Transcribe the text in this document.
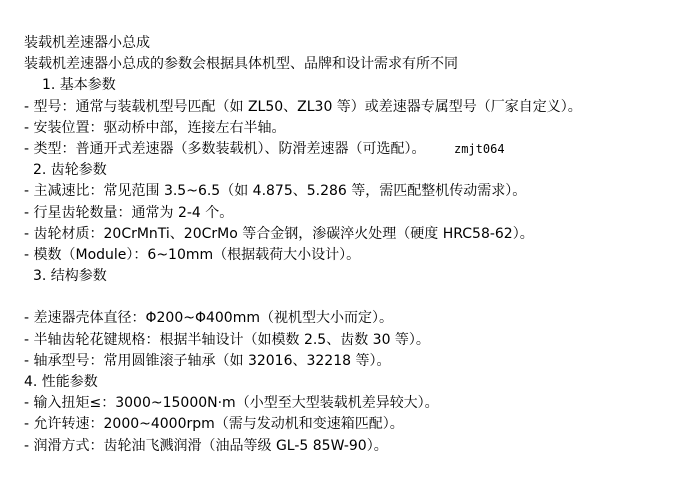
装载机差速器小总成
装载机差速器小总成的参数会根据具体机型、品牌和设计需求有所不同
1. 基本参数
- 型号：通常与装载机型号匹配（如 ZL50、ZL30 等）或差速器专属型号（厂家自定义）。
- 安装位置：驱动桥中部，连接左右半轴。
- 类型：普通开式差速器（多数装载机）、防滑差速器（可选配）。 zmjt064
2. 齿轮参数
- 主减速比：常见范围 3.5~6.5（如 4.875、5.286 等，需匹配整机传动需求）。
- 行星齿轮数量：通常为 2-4 个。
- 齿轮材质：20CrMnTi、20CrMo 等合金钢，渗碳淬火处理（硬度 HRC58-62）。
- 模数（Module）：6~10mm（根据载荷大小设计）。
3. 结构参数
- 差速器壳体直径：Φ200~Φ400mm（视机型大小而定）。
- 半轴齿轮花键规格：根据半轴设计（如模数 2.5、齿数 30 等）。
- 轴承型号：常用圆锥滚子轴承（如 32016、32218 等）。
4. 性能参数
- 输入扭矩≤：3000~15000N·m（小型至大型装载机差异较大）。
- 允许转速：2000~4000rpm（需与发动机和变速箱匹配）。
- 润滑方式：齿轮油飞溅润滑（油品等级 GL-5 85W-90）。
